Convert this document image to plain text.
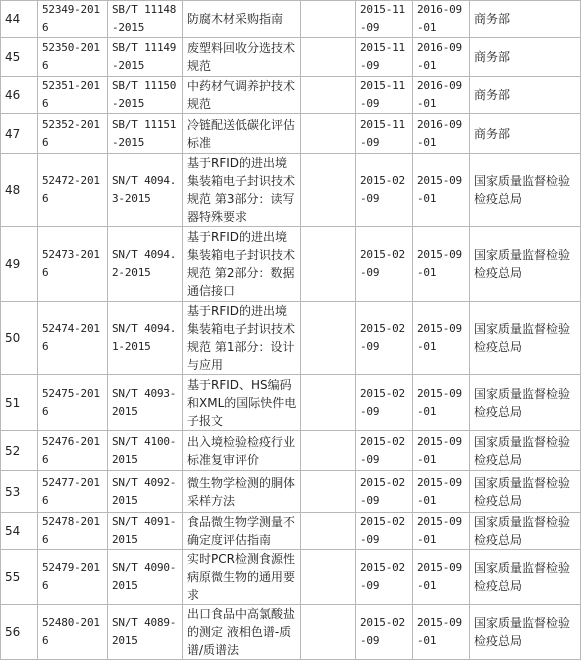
44	52349-2016	SB/T 11148-2015	防腐木材采购指南		2015-11-09	2016-09-01	商务部
45	52350-2016	SB/T 11149-2015	废塑料回收分选技术规范		2015-11-09	2016-09-01	商务部
46	52351-2016	SB/T 11150-2015	中药材气调养护技术规范		2015-11-09	2016-09-01	商务部
47	52352-2016	SB/T 11151-2015	冷链配送低碳化评估标准		2015-11-09	2016-09-01	商务部
48	52472-2016	SN/T 4094.3-2015	基于RFID的进出境集装箱电子封识技术规范 第3部分：读写器特殊要求		2015-02-09	2015-09-01	国家质量监督检验检疫总局
49	52473-2016	SN/T 4094.2-2015	基于RFID的进出境集装箱电子封识技术规范 第2部分：数据通信接口		2015-02-09	2015-09-01	国家质量监督检验检疫总局
50	52474-2016	SN/T 4094.1-2015	基于RFID的进出境集装箱电子封识技术规范 第1部分：设计与应用		2015-02-09	2015-09-01	国家质量监督检验检疫总局
51	52475-2016	SN/T 4093-2015	基于RFID、HS编码和XML的国际快件电子报文		2015-02-09	2015-09-01	国家质量监督检验检疫总局
52	52476-2016	SN/T 4100-2015	出入境检验检疫行业标准复审评价		2015-02-09	2015-09-01	国家质量监督检验检疫总局
53	52477-2016	SN/T 4092-2015	微生物学检测的胴体采样方法		2015-02-09	2015-09-01	国家质量监督检验检疫总局
54	52478-2016	SN/T 4091-2015	食品微生物学测量不确定度评估指南		2015-02-09	2015-09-01	国家质量监督检验检疫总局
55	52479-2016	SN/T 4090-2015	实时PCR检测食源性病原微生物的通用要求		2015-02-09	2015-09-01	国家质量监督检验检疫总局
56	52480-2016	SN/T 4089-2015	出口食品中高氯酸盐的测定 液相色谱-质谱/质谱法		2015-02-09	2015-09-01	国家质量监督检验检疫总局
